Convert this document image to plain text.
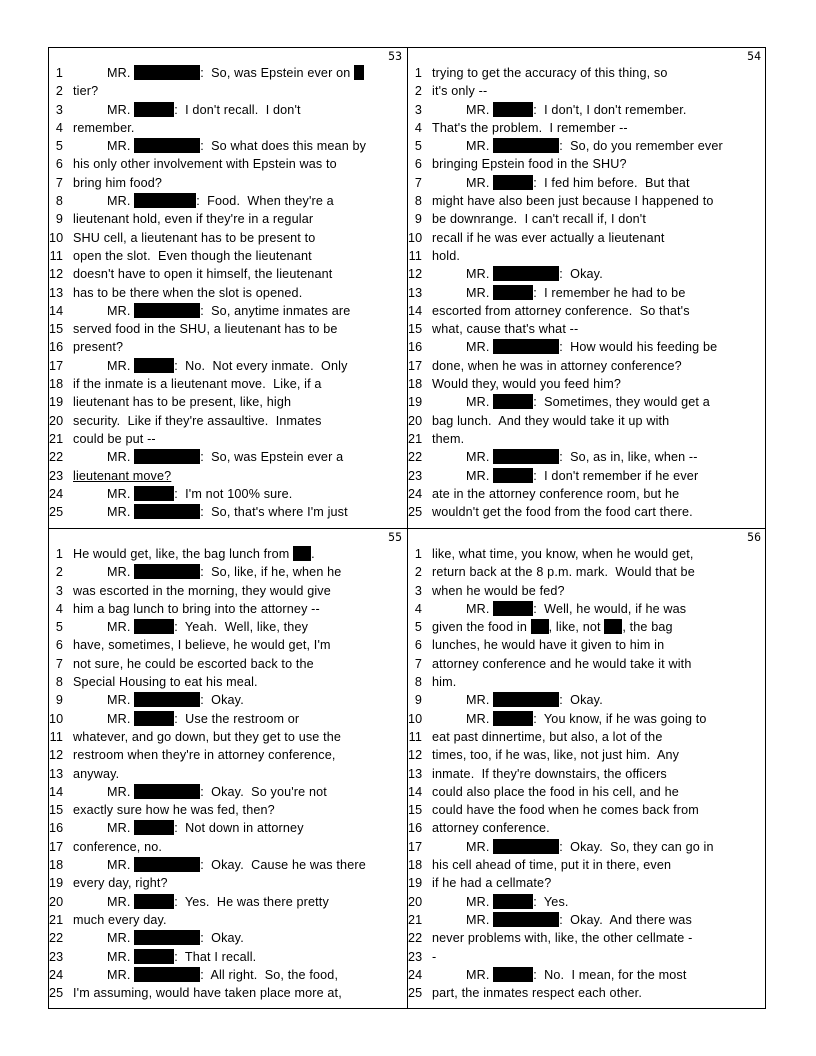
53
1	MR.	:  So, was Epstein ever on
2 tier?
3	MR.	:  I don't recall.  I don't
4 remember.
5	MR.	:  So what does this mean by
6 his only other involvement with Epstein was to
7 bring him food?
8	MR.	:  Food.  When they're a
9 lieutenant hold, even if they're in a regular
10 SHU cell, a lieutenant has to be present to
11 open the slot.  Even though the lieutenant
12 doesn't have to open it himself, the lieutenant
13 has to be there when the slot is opened.
14	MR.	:  So, anytime inmates are
15 served food in the SHU, a lieutenant has to be
16 present?
17	MR.	:  No.  Not every inmate.  Only
18 if the inmate is a lieutenant move.  Like, if a
19 lieutenant has to be present, like, high
20 security.  Like if they're assaultive.  Inmates
21 could be put --
22	MR.	:  So, was Epstein ever a
23 lieutenant move?
24	MR.	:  I'm not 100% sure.
25	MR.	:  So, that's where I'm just
54
1 trying to get the accuracy of this thing, so
2 it's only --
3	MR.	:  I don't, I don't remember.
4 That's the problem.  I remember --
5	MR.	:  So, do you remember ever
6 bringing Epstein food in the SHU?
7	MR.	:  I fed him before.  But that
8 might have also been just because I happened to
9 be downrange.  I can't recall if, I don't
10 recall if he was ever actually a lieutenant
11 hold.
12	MR.	:  Okay.
13	MR.	:  I remember he had to be
14 escorted from attorney conference.  So that's
15 what, cause that's what --
16	MR.	:  How would his feeding be
17 done, when he was in attorney conference?
18 Would they, would you feed him?
19	MR.	:  Sometimes, they would get a
20 bag lunch.  And they would take it up with
21 them.
22	MR.	:  So, as in, like, when --
23	MR.	:  I don't remember if he ever
24 ate in the attorney conference room, but he
25 wouldn't get the food from the food cart there.
55
1 He would get, like, the bag lunch from .
2	MR.	:  So, like, if he, when he
3 was escorted in the morning, they would give
4 him a bag lunch to bring into the attorney --
5	MR.	:  Yeah.  Well, like, they
6 have, sometimes, I believe, he would get, I'm
7 not sure, he could be escorted back to the
8 Special Housing to eat his meal.
9	MR.	:  Okay.
10	MR.	:  Use the restroom or
11 whatever, and go down, but they get to use the
12 restroom when they're in attorney conference,
13 anyway.
14	MR.	:  Okay.  So you're not
15 exactly sure how he was fed, then?
16	MR.	:  Not down in attorney
17 conference, no.
18	MR.	:  Okay.  Cause he was there
19 every day, right?
20	MR.	:  Yes.  He was there pretty
21 much every day.
22	MR.	:  Okay.
23	MR.	:  That I recall.
24	MR.	:  All right.  So, the food,
25 I'm assuming, would have taken place more at,
56
1 like, what time, you know, when he would get,
2 return back at the 8 p.m. mark.  Would that be
3 when he would be fed?
4	MR.	:  Well, he would, if he was
5 given the food in , like, not , the bag
6 lunches, he would have it given to him in
7 attorney conference and he would take it with
8 him.
9	MR.	:  Okay.
10	MR.	:  You know, if he was going to
11 eat past dinnertime, but also, a lot of the
12 times, too, if he was, like, not just him.  Any
13 inmate.  If they're downstairs, the officers
14 could also place the food in his cell, and he
15 could have the food when he comes back from
16 attorney conference.
17	MR.	:  Okay.  So, they can go in
18 his cell ahead of time, put it in there, even
19 if he had a cellmate?
20	MR.	:  Yes.
21	MR.	:  Okay.  And there was
22 never problems with, like, the other cellmate -
23 -
24	MR.	:  No.  I mean, for the most
25 part, the inmates respect each other.
